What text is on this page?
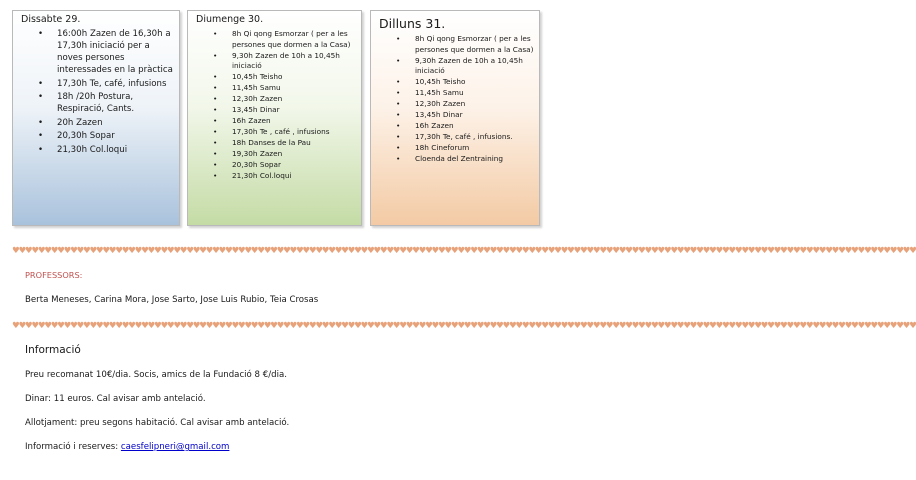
Dissabte 29.
• 16:00h Zazen de 16,30h a 17,30h iniciació per a noves persones interessades en la pràctica
• 17,30h Te, café, infusions
• 18h /20h Postura, Respiració, Cants.
• 20h Zazen
• 20,30h Sopar
• 21,30h Col.loqui
Diumenge 30.
• 8h Qi qong Esmorzar ( per a les persones que dormen a la Casa)
• 9,30h Zazen de 10h a 10,45h iniciació
• 10,45h Teisho
• 11,45h Samu
• 12,30h Zazen
• 13,45h Dinar
• 16h Zazen
• 17,30h Te , café , infusions
• 18h Danses de la Pau
• 19,30h Zazen
• 20,30h Sopar
• 21,30h Col.loqui
Dilluns 31.
• 8h Qi qong Esmorzar ( per a les persones que dormen a la Casa)
• 9,30h Zazen de 10h a 10,45h iniciació
• 10,45h Teisho
• 11,45h Samu
• 12,30h Zazen
• 13,45h Dinar
• 16h Zazen
• 17,30h Te, café , infusions.
• 18h Cineforum
• Cloenda del Zentraining
♥♥♥♥♥♥♥♥♥♥♥♥♥♥♥♥♥♥♥♥♥♥♥♥♥♥♥♥♥♥♥♥♥♥♥♥♥♥♥♥♥♥♥♥♥♥♥♥♥♥♥♥♥♥♥♥♥♥♥♥♥♥♥♥♥♥♥♥♥♥♥♥♥♥♥♥♥♥♥♥♥♥♥♥♥♥♥♥♥♥♥♥♥♥♥♥♥♥♥♥♥♥♥♥♥♥♥♥♥♥♥♥♥♥♥♥♥♥♥♥♥♥♥♥♥♥♥♥♥♥♥♥♥♥♥♥♥♥♥♥
PROFESSORS:
Berta Meneses, Carina Mora, Jose Sarto, Jose Luis Rubio, Teia Crosas
♥♥♥♥♥♥♥♥♥♥♥♥♥♥♥♥♥♥♥♥♥♥♥♥♥♥♥♥♥♥♥♥♥♥♥♥♥♥♥♥♥♥♥♥♥♥♥♥♥♥♥♥♥♥♥♥♥♥♥♥♥♥♥♥♥♥♥♥♥♥♥♥♥♥♥♥♥♥♥♥♥♥♥♥♥♥♥♥♥♥♥♥♥♥♥♥♥♥♥♥♥♥♥♥♥♥♥♥♥♥♥♥♥♥♥♥♥♥♥♥♥♥♥♥♥♥♥♥♥♥♥♥♥♥♥♥♥♥♥♥
Informació
Preu recomanat 10€/dia. Socis, amics de la Fundació 8 €/dia.
Dinar: 11 euros. Cal avisar amb antelació.
Allotjament: preu segons habitació. Cal avisar amb antelació.
Informació i reserves: caesfelipneri@gmail.com
